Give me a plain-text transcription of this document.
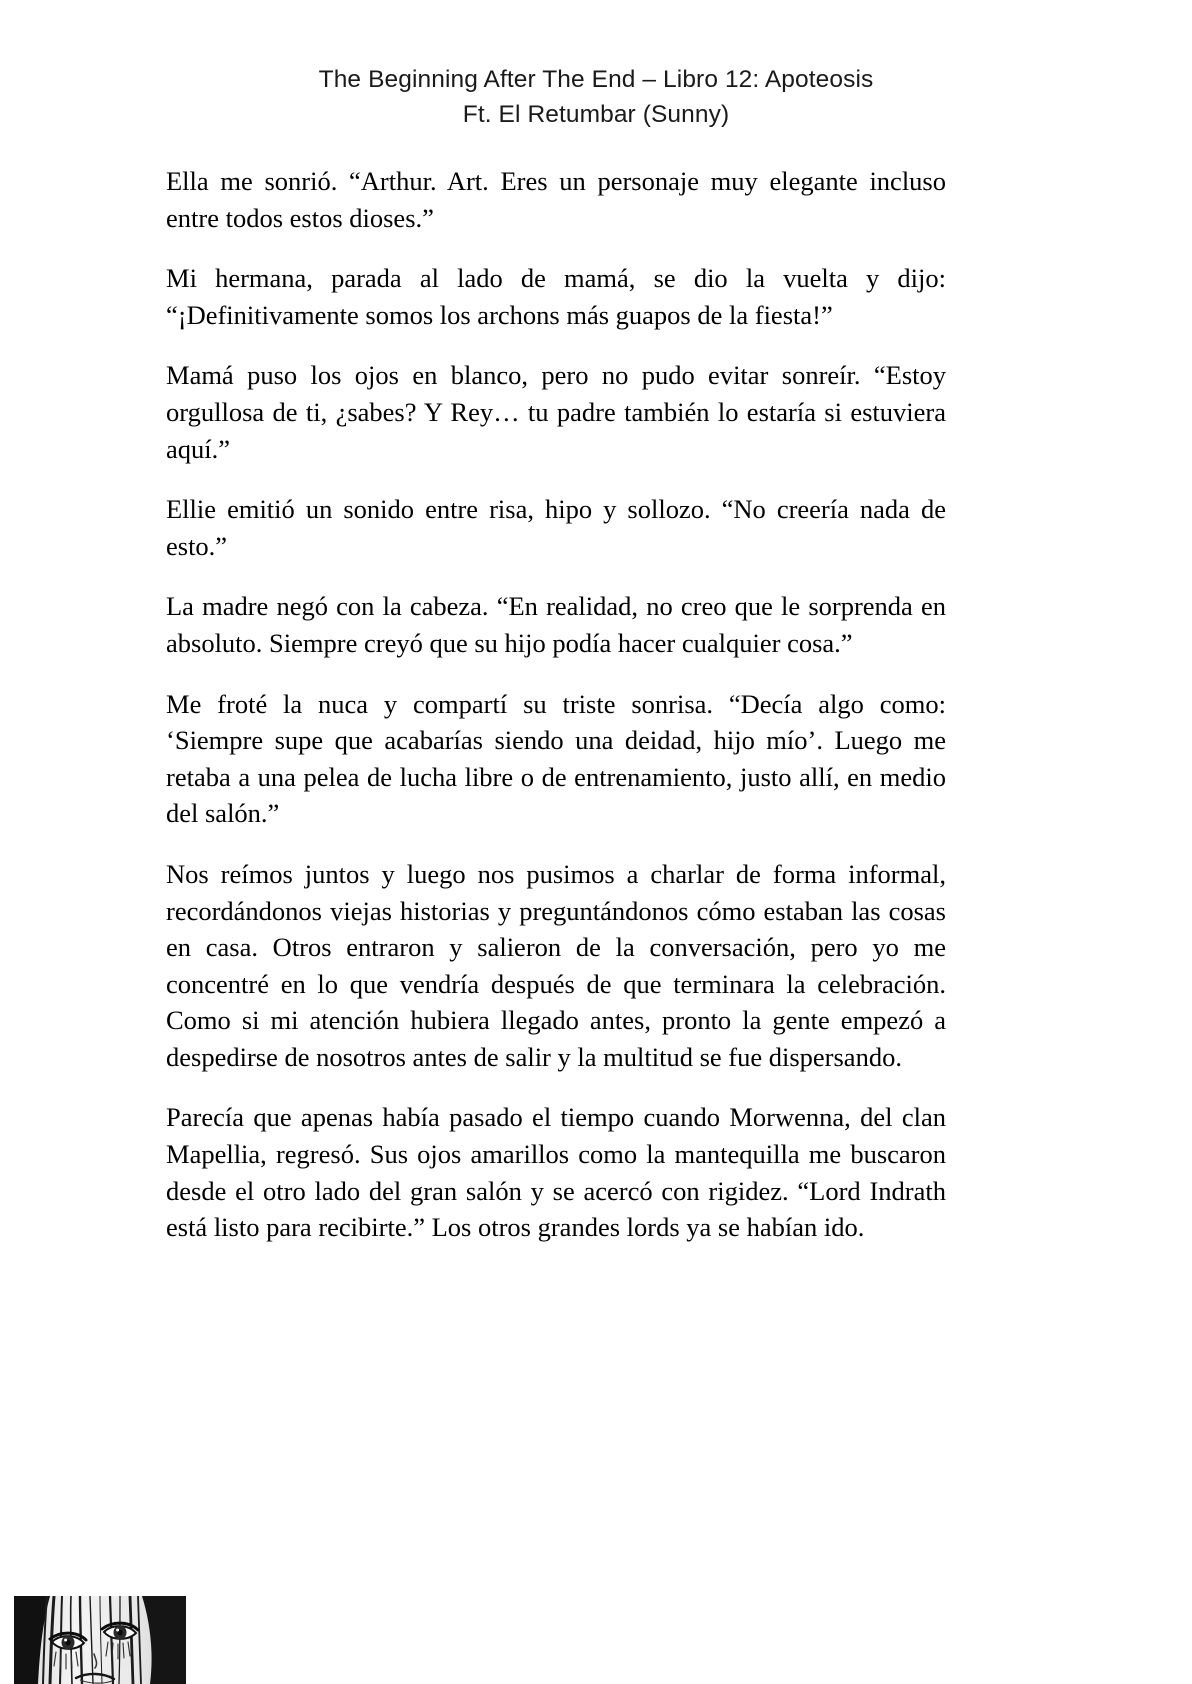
The Beginning After The End – Libro 12: Apoteosis
Ft. El Retumbar (Sunny)

Ella me sonrió. “Arthur. Art. Eres un personaje muy elegante incluso entre todos estos dioses.”

Mi hermana, parada al lado de mamá, se dio la vuelta y dijo: “¡Definitivamente somos los archons más guapos de la fiesta!”

Mamá puso los ojos en blanco, pero no pudo evitar sonreír. “Estoy orgullosa de ti, ¿sabes? Y Rey… tu padre también lo estaría si estuviera aquí.”

Ellie emitió un sonido entre risa, hipo y sollozo. “No creería nada de esto.”

La madre negó con la cabeza. “En realidad, no creo que le sorprenda en absoluto. Siempre creyó que su hijo podía hacer cualquier cosa.”

Me froté la nuca y compartí su triste sonrisa. “Decía algo como: ‘Siempre supe que acabarías siendo una deidad, hijo mío’. Luego me retaba a una pelea de lucha libre o de entrenamiento, justo allí, en medio del salón.”

Nos reímos juntos y luego nos pusimos a charlar de forma informal, recordándonos viejas historias y preguntándonos cómo estaban las cosas en casa. Otros entraron y salieron de la conversación, pero yo me concentré en lo que vendría después de que terminara la celebración. Como si mi atención hubiera llegado antes, pronto la gente empezó a despedirse de nosotros antes de salir y la multitud se fue dispersando.

Parecía que apenas había pasado el tiempo cuando Morwenna, del clan Mapellia, regresó. Sus ojos amarillos como la mantequilla me buscaron desde el otro lado del gran salón y se acercó con rigidez. “Lord Indrath está listo para recibirte.” Los otros grandes lords ya se habían ido.
